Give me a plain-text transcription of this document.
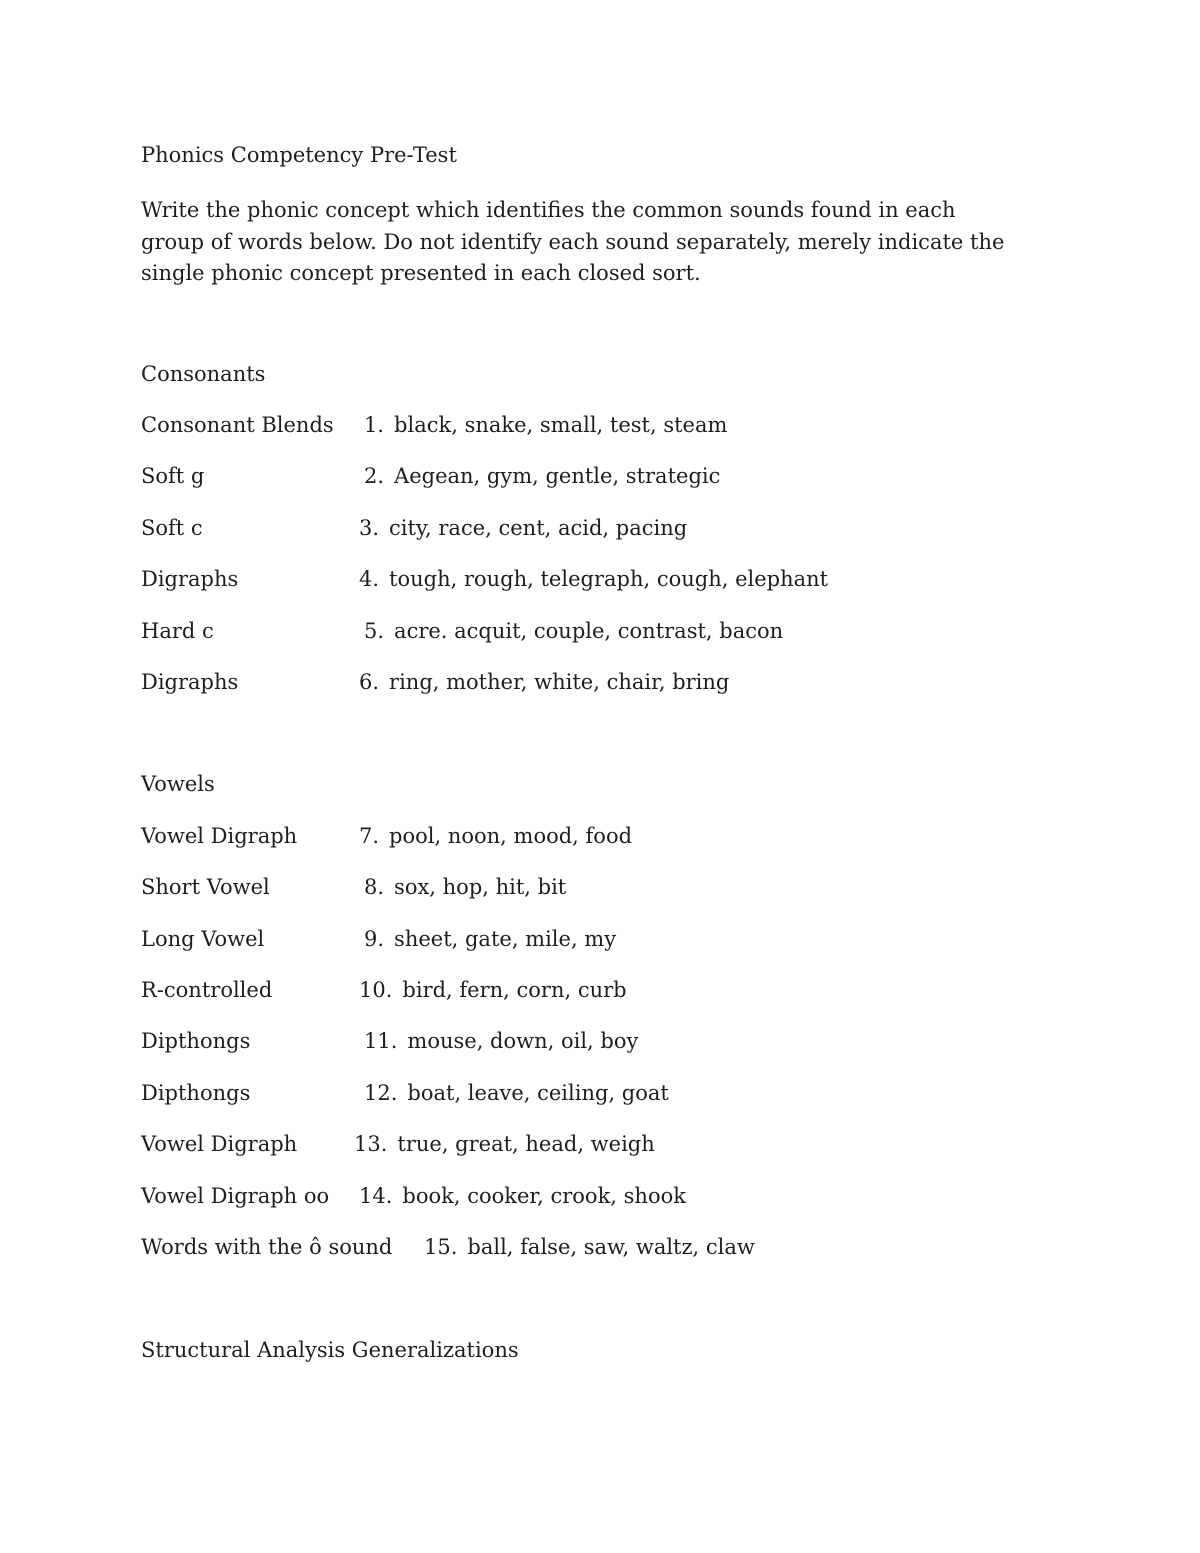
Phonics Competency Pre-Test
Write the phonic concept which identifies the common sounds found in each group of words below. Do not identify each sound separately, merely indicate the single phonic concept presented in each closed sort.
Consonants
Consonant Blends 1. black, snake, small, test, steam
Soft g	2. Aegean, gym, gentle, strategic
Soft c	3. city, race, cent, acid, pacing
Digraphs	4. tough, rough, telegraph, cough, elephant
Hard c	5. acre. acquit, couple, contrast, bacon
Digraphs	6. ring, mother, white, chair, bring
Vowels
Vowel Digraph	7. pool, noon, mood, food
Short Vowel	8. sox, hop, hit, bit
Long Vowel	9. sheet, gate, mile, my
R-controlled	10. bird, fern, corn, curb
Dipthongs	11. mouse, down, oil, boy
Dipthongs	12. boat, leave, ceiling, goat
Vowel Digraph	13. true, great, head, weigh
Vowel Digraph oo 14. book, cooker, crook, shook
Words with the ô sound 15. ball, false, saw, waltz, claw
Structural Analysis Generalizations
